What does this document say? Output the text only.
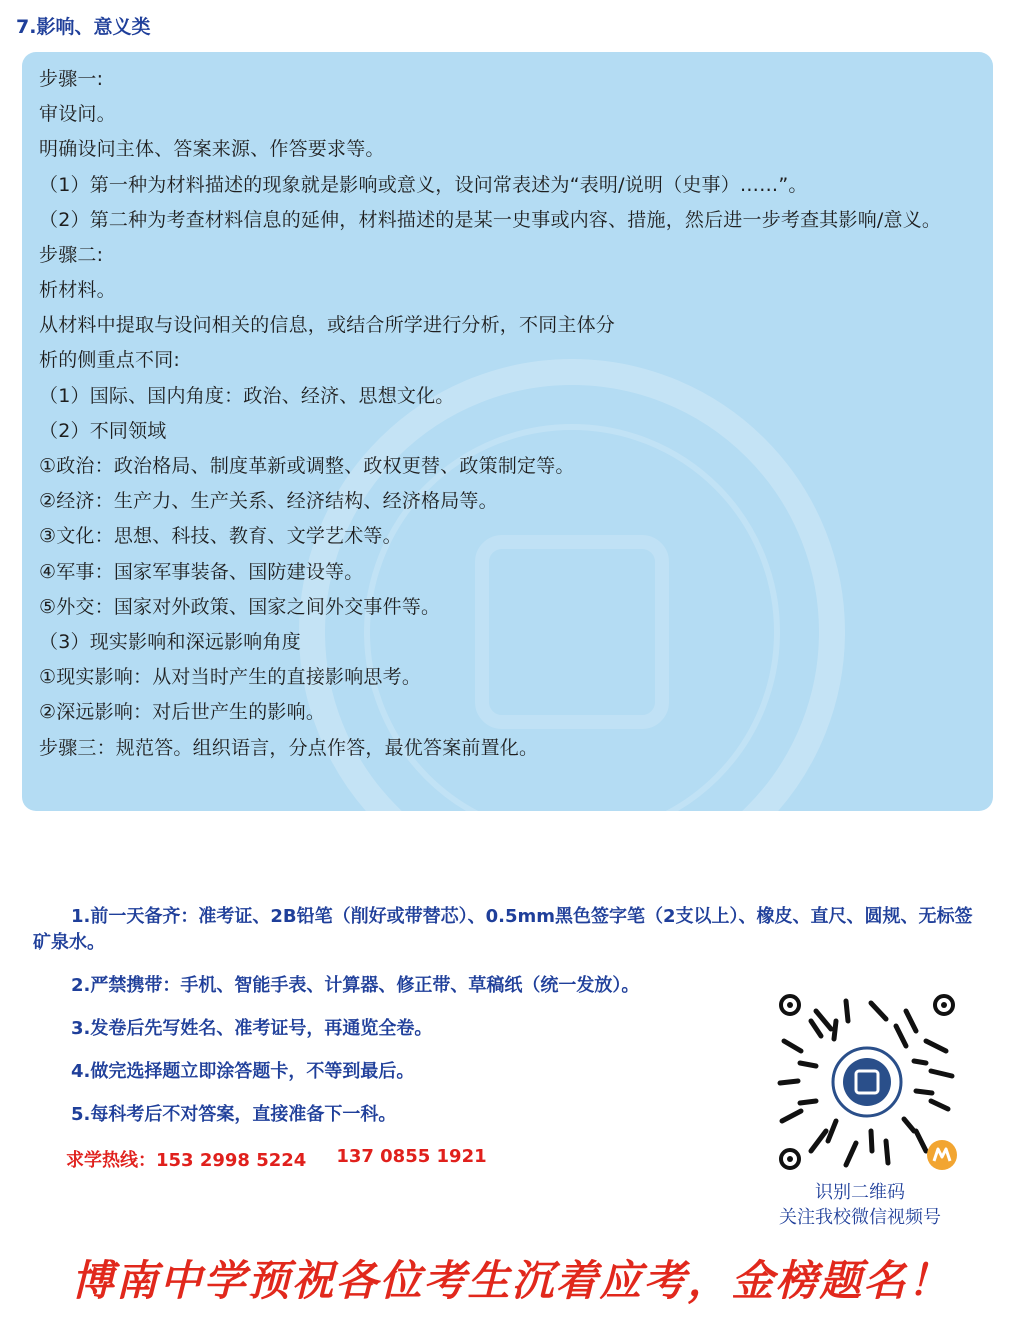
7.影响、意义类

步骤一:

审设问。

明确设问主体、答案来源、作答要求等。

（1）第一种为材料描述的现象就是影响或意义，设问常表述为“表明/说明（史事）……”。

（2）第二种为考查材料信息的延伸，材料描述的是某一史事或内容、措施，然后进一步考查其影响/意义。

步骤二:

析材料。

从材料中提取与设问相关的信息，或结合所学进行分析，不同主体分

析的侧重点不同:

（1）国际、国内角度：政治、经济、思想文化。

（2）不同领域

①政治：政治格局、制度革新或调整、政权更替、政策制定等。

②经济：生产力、生产关系、经济结构、经济格局等。

③文化：思想、科技、教育、文学艺术等。

④军事：国家军事装备、国防建设等。

⑤外交：国家对外政策、国家之间外交事件等。

（3）现实影响和深远影响角度

①现实影响：从对当时产生的直接影响思考。

②深远影响：对后世产生的影响。

步骤三：规范答。组织语言，分点作答，最优答案前置化。

1.前一天备齐：准考证、2B铅笔（削好或带替芯）、0.5mm黑色签字笔（2支以上）、橡皮、直尺、圆规、无标签矿泉水。

2.严禁携带：手机、智能手表、计算器、修正带、草稿纸（统一发放）。

3.发卷后先写姓名、准考证号，再通览全卷。

4.做完选择题立即涂答题卡，不等到最后。

5.每科考后不对答案，直接准备下一科。

求学热线：153 2998 5224 137 0855 1921

识别二维码

关注我校微信视频号

博南中学预祝各位考生沉着应考，金榜题名！
